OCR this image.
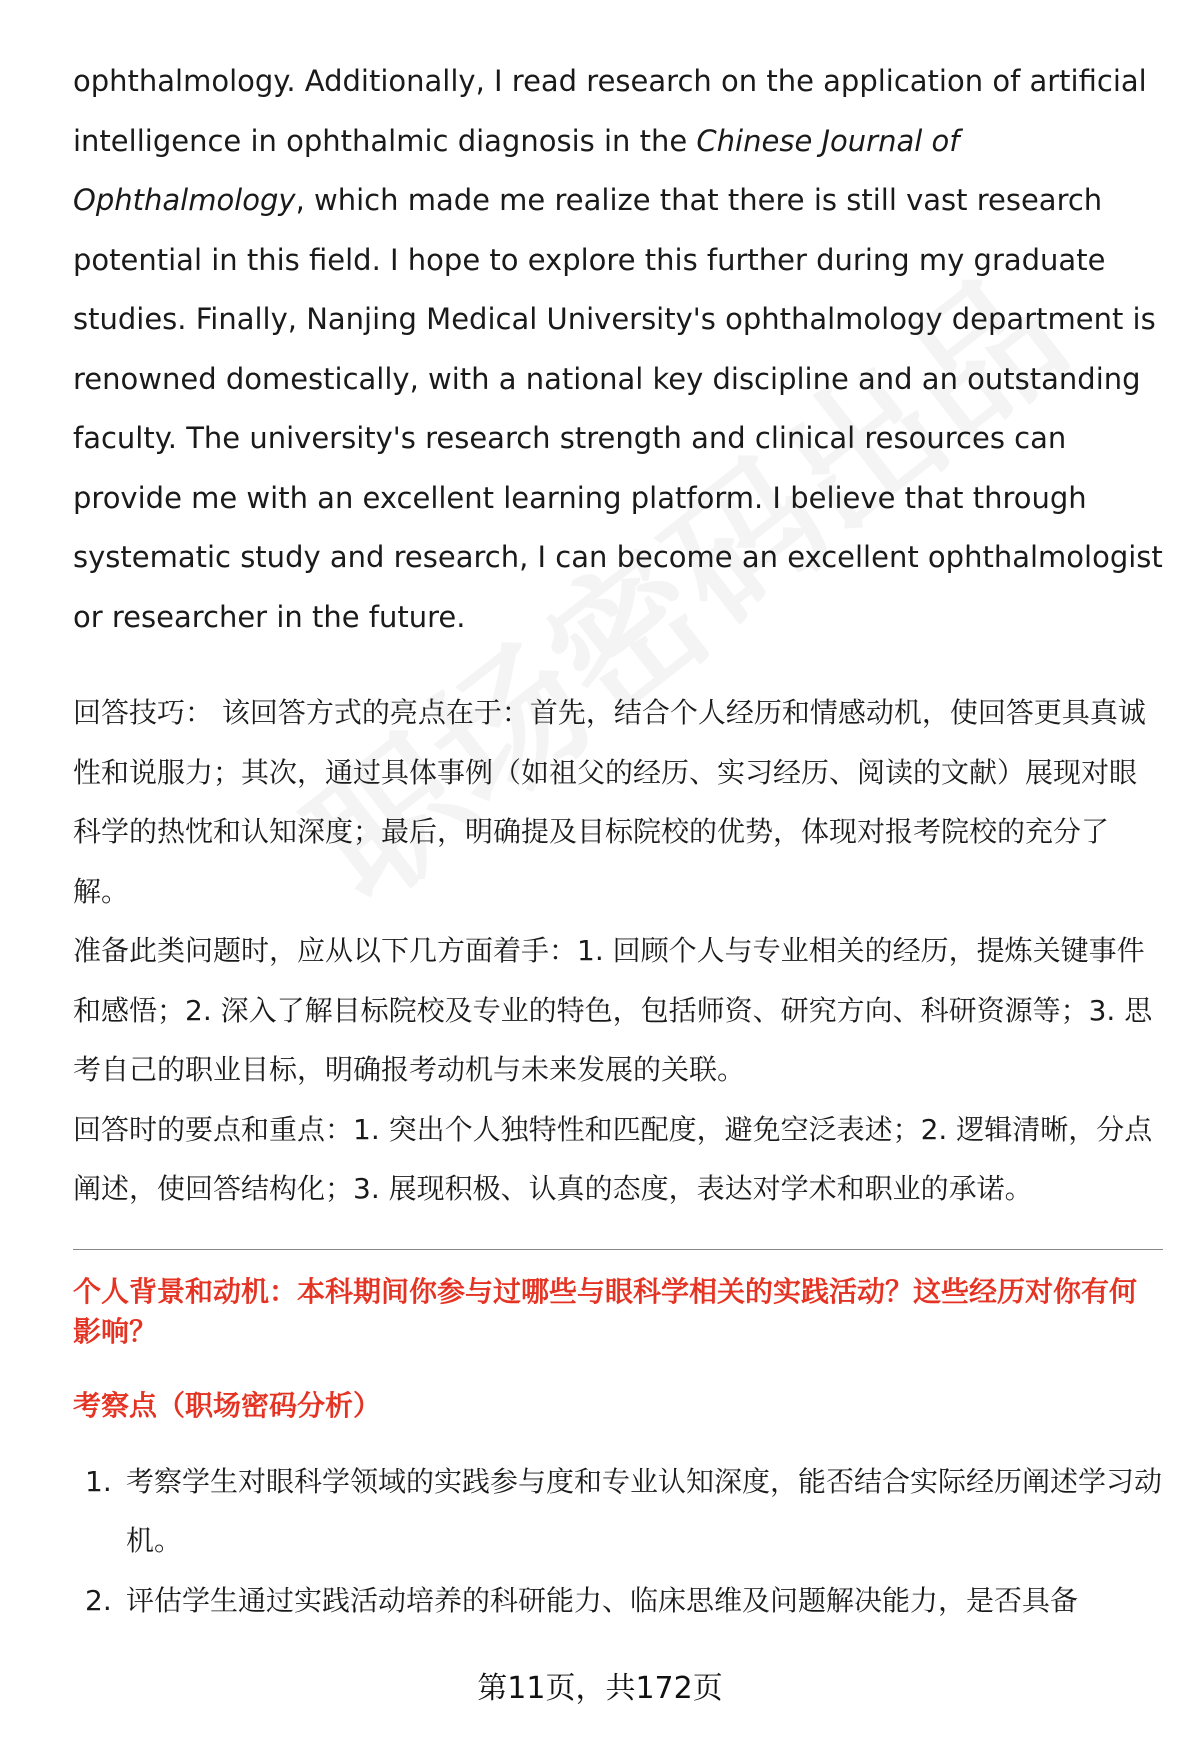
ophthalmology. Additionally, I read research on the application of artificial intelligence in ophthalmic diagnosis in the Chinese Journal of Ophthalmology, which made me realize that there is still vast research potential in this field. I hope to explore this further during my graduate studies. Finally, Nanjing Medical University's ophthalmology department is renowned domestically, with a national key discipline and an outstanding faculty. The university's research strength and clinical resources can provide me with an excellent learning platform. I believe that through systematic study and research, I can become an excellent ophthalmologist or researcher in the future.

回答技巧： 该回答方式的亮点在于：首先，结合个人经历和情感动机，使回答更具真诚性和说服力；其次，通过具体事例（如祖父的经历、实习经历、阅读的文献）展现对眼科学的热忱和认知深度；最后，明确提及目标院校的优势，体现对报考院校的充分了解。

准备此类问题时，应从以下几方面着手：1. 回顾个人与专业相关的经历，提炼关键事件和感悟；2. 深入了解目标院校及专业的特色，包括师资、研究方向、科研资源等；3. 思考自己的职业目标，明确报考动机与未来发展的关联。

回答时的要点和重点：1. 突出个人独特性和匹配度，避免空泛表述；2. 逻辑清晰，分点阐述，使回答结构化；3. 展现积极、认真的态度，表达对学术和职业的承诺。

个人背景和动机：本科期间你参与过哪些与眼科学相关的实践活动？这些经历对你有何影响？

考察点（职场密码分析）

1. 考察学生对眼科学领域的实践参与度和专业认知深度，能否结合实际经历阐述学习动机。
2. 评估学生通过实践活动培养的科研能力、临床思维及问题解决能力，是否具备
第11页，共172页
